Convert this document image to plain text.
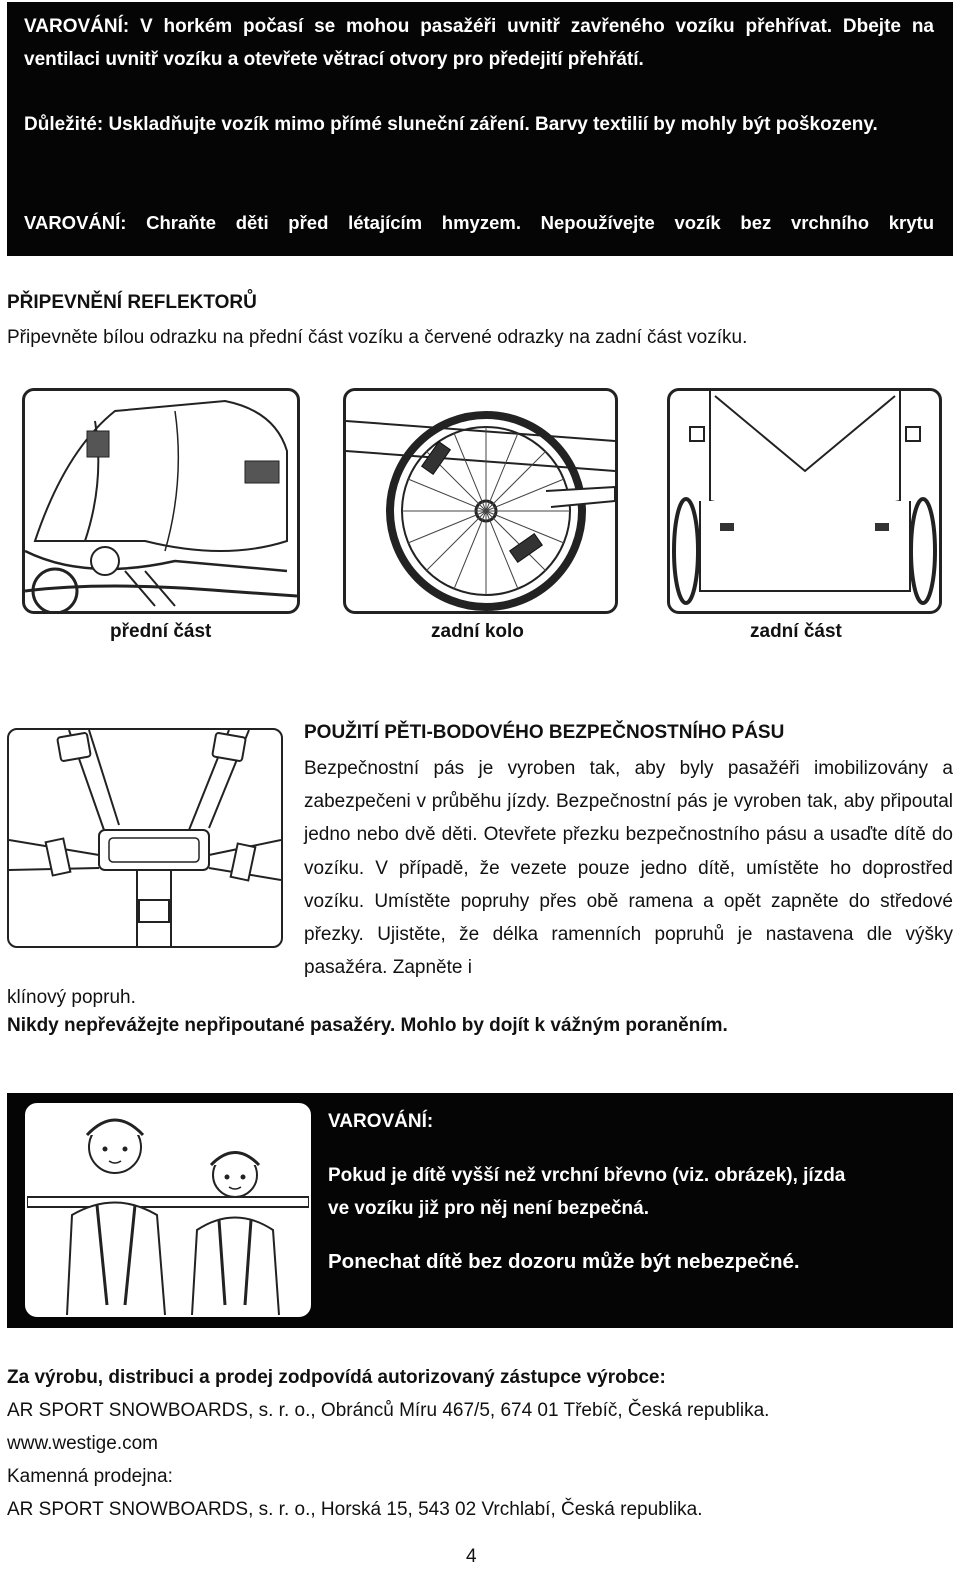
VAROVÁNÍ: V horkém počasí se mohou pasažéři uvnitř zavřeného vozíku přehřívat. Dbejte na ventilaci uvnitř vozíku a otevřete větrací otvory pro předejití přehřátí.

Důležité: Uskladňujte vozík mimo přímé sluneční záření. Barvy textilií by mohly být poškozeny.

VAROVÁNÍ: Chraňte děti před létajícím hmyzem. Nepoužívejte vozík bez vrchního krytu

PŘIPEVNĚNÍ REFLEKTORŮ
Připevněte bílou odrazku na přední část vozíku a červené odrazky na zadní část vozíku.
přední část	zadní kolo	zadní část
POUŽITÍ PĚTI-BODOVÉHO BEZPEČNOSTNÍHO PÁSU
Bezpečnostní pás je vyroben tak, aby byly pasažéři imobilizovány a zabezpečeni v průběhu jízdy. Bezpečnostní pás je vyroben tak, aby připoutal jedno nebo dvě děti. Otevřete přezku bezpečnostního pásu a usaďte dítě do vozíku. V případě, že vezete pouze jedno dítě, umístěte ho doprostřed vozíku. Umístěte popruhy přes obě ramena a opět zapněte do středové přezky. Ujistěte, že délka ramenních popruhů je nastavena dle výšky pasažéra. Zapněte i
klínový popruh.
Nikdy nepřevážejte nepřipoutané pasažéry. Mohlo by dojít k vážným poraněním.
VAROVÁNÍ:
Pokud je dítě vyšší než vrchní břevno (viz. obrázek), jízda
ve vozíku již pro něj není bezpečná.
Ponechat dítě bez dozoru může být nebezpečné.
Za výrobu, distribuci a prodej zodpovídá autorizovaný zástupce výrobce:
AR SPORT SNOWBOARDS, s. r. o., Obránců Míru 467/5, 674 01 Třebíč, Česká republika.
www.westige.com
Kamenná prodejna:
AR SPORT SNOWBOARDS, s. r. o., Horská 15, 543 02 Vrchlabí, Česká republika.
4
